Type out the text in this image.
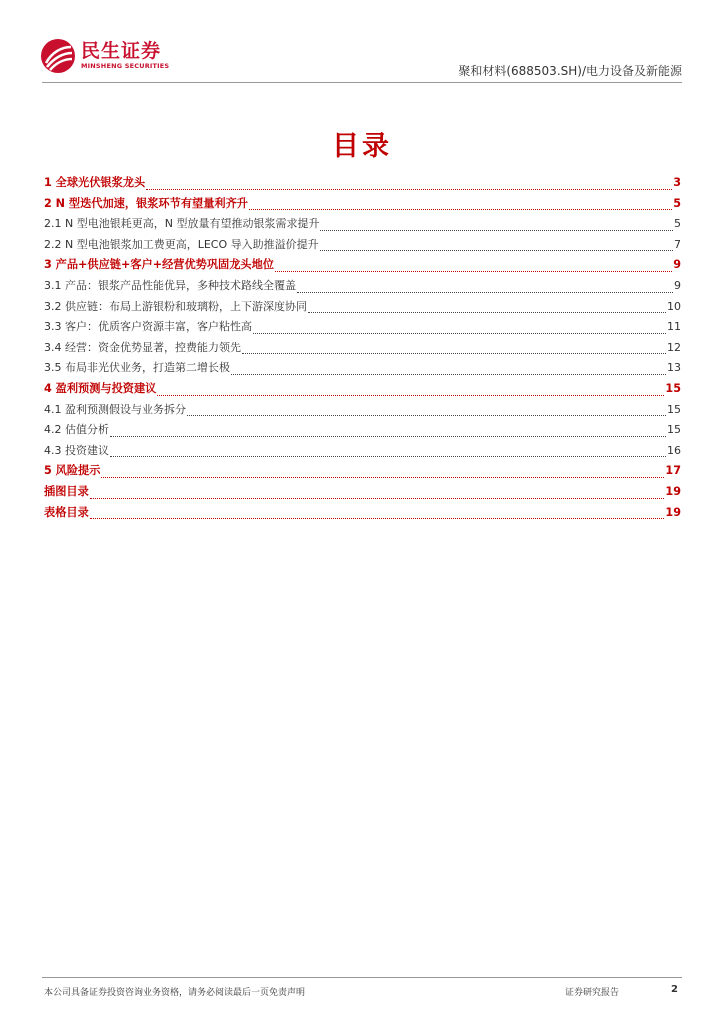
民生证券
MINSHENG SECURITIES	聚和材料(688503.SH)/电力设备及新能源
目录
1 全球光伏银浆龙头	3
2 N 型迭代加速，银浆环节有望量利齐升	5
2.1 N 型电池银耗更高，N 型放量有望推动银浆需求提升	5
2.2 N 型电池银浆加工费更高，LECO 导入助推溢价提升	7
3 产品+供应链+客户+经营优势巩固龙头地位	9
3.1 产品：银浆产品性能优异，多种技术路线全覆盖	9
3.2 供应链：布局上游银粉和玻璃粉，上下游深度协同	10
3.3 客户：优质客户资源丰富，客户粘性高	11
3.4 经营：资金优势显著，控费能力领先	12
3.5 布局非光伏业务，打造第二增长极	13
4 盈利预测与投资建议	15
4.1 盈利预测假设与业务拆分	15
4.2 估值分析	15
4.3 投资建议	16
5 风险提示	17
插图目录	19
表格目录	19
本公司具备证券投资咨询业务资格，请务必阅读最后一页免责声明	证券研究报告	2
